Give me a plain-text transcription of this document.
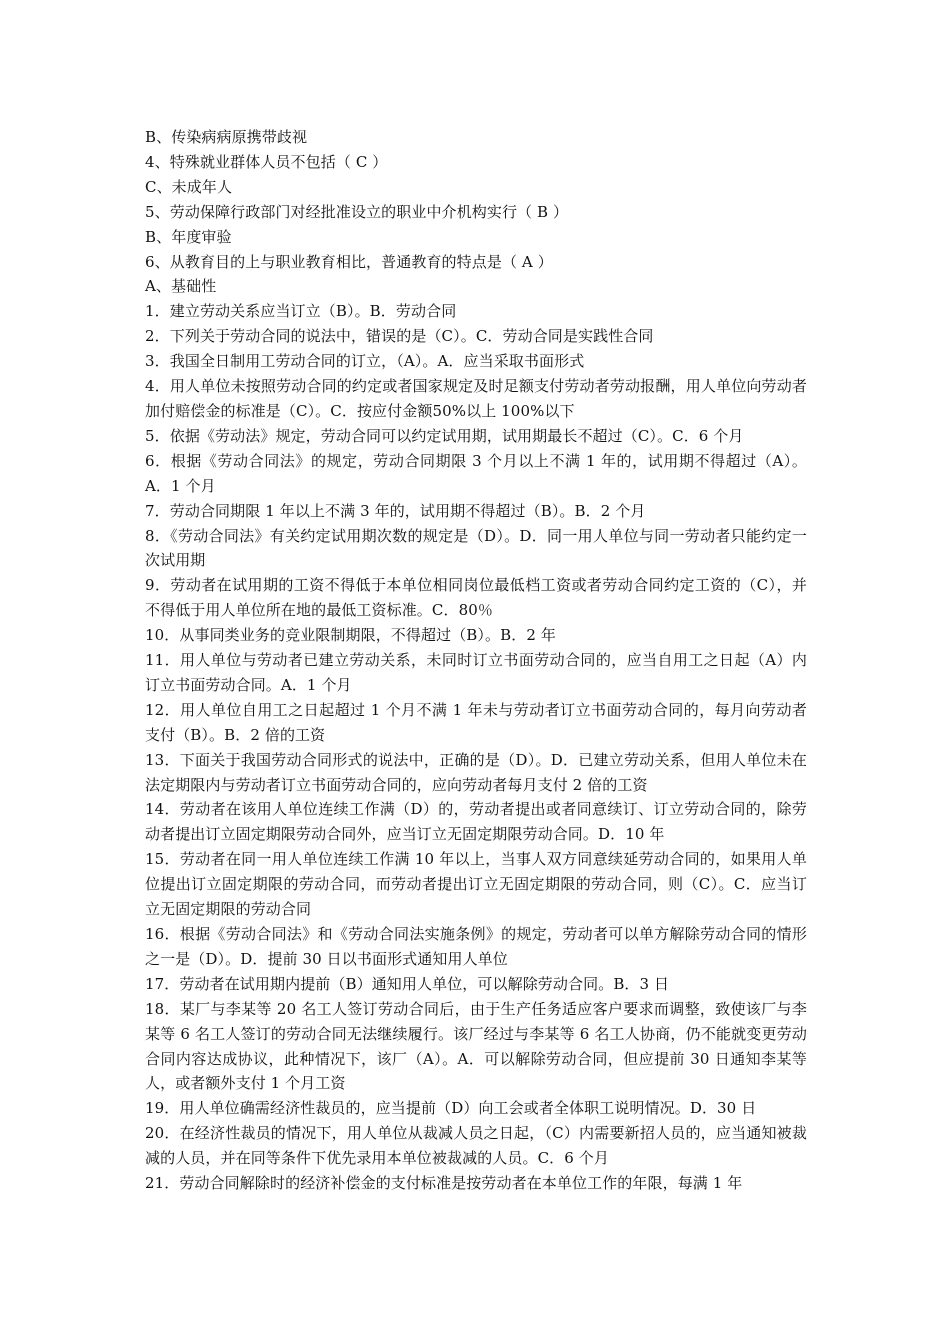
B、传染病病原携带歧视

4、特殊就业群体人员不包括（ C ）

C、未成年人

5、劳动保障行政部门对经批准设立的职业中介机构实行（ B ）

B、年度审验

6、从教育目的上与职业教育相比，普通教育的特点是（ A ）

A、基础性

1．建立劳动关系应当订立（B）。B．劳动合同

2．下列关于劳动合同的说法中，错误的是（C）。C．劳动合同是实践性合同

3．我国全日制用工劳动合同的订立，（A）。A．应当采取书面形式

4．用人单位未按照劳动合同的约定或者国家规定及时足额支付劳动者劳动报酬，用人单位向劳动者加付赔偿金的标准是（C）。C．按应付金额50%以上 100%以下

5．依据《劳动法》规定，劳动合同可以约定试用期，试用期最长不超过（C）。C．6 个月

6．根据《劳动合同法》的规定，劳动合同期限 3 个月以上不满 1 年的，试用期不得超过（A）。A．1 个月

7．劳动合同期限 1 年以上不满 3 年的，试用期不得超过（B）。B．2 个月

8．《劳动合同法》有关约定试用期次数的规定是（D）。D．同一用人单位与同一劳动者只能约定一次试用期

9．劳动者在试用期的工资不得低于本单位相同岗位最低档工资或者劳动合同约定工资的（C），并不得低于用人单位所在地的最低工资标准。C．80％

10．从事同类业务的竞业限制期限，不得超过（B）。B．2 年

11．用人单位与劳动者已建立劳动关系，未同时订立书面劳动合同的，应当自用工之日起（A）内订立书面劳动合同。A．1 个月

12．用人单位自用工之日起超过 1 个月不满 1 年未与劳动者订立书面劳动合同的，每月向劳动者支付（B）。B．2 倍的工资

13．下面关于我国劳动合同形式的说法中，正确的是（D）。D．已建立劳动关系，但用人单位未在法定期限内与劳动者订立书面劳动合同的，应向劳动者每月支付 2 倍的工资

14．劳动者在该用人单位连续工作满（D）的，劳动者提出或者同意续订、订立劳动合同的，除劳动者提出订立固定期限劳动合同外，应当订立无固定期限劳动合同。D．10 年

15．劳动者在同一用人单位连续工作满 10 年以上，当事人双方同意续延劳动合同的，如果用人单位提出订立固定期限的劳动合同，而劳动者提出订立无固定期限的劳动合同，则（C）。C．应当订立无固定期限的劳动合同

16．根据《劳动合同法》和《劳动合同法实施条例》的规定，劳动者可以单方解除劳动合同的情形之一是（D）。D．提前 30 日以书面形式通知用人单位

17．劳动者在试用期内提前（B）通知用人单位，可以解除劳动合同。B．3 日

18．某厂与李某等 20 名工人签订劳动合同后，由于生产任务适应客户要求而调整，致使该厂与李某等 6 名工人签订的劳动合同无法继续履行。该厂经过与李某等 6 名工人协商，仍不能就变更劳动合同内容达成协议，此种情况下，该厂（A）。A．可以解除劳动合同，但应提前 30 日通知李某等人，或者额外支付 1 个月工资

19．用人单位确需经济性裁员的，应当提前（D）向工会或者全体职工说明情况。D．30 日

20．在经济性裁员的情况下，用人单位从裁减人员之日起，（C）内需要新招人员的，应当通知被裁减的人员，并在同等条件下优先录用本单位被裁减的人员。C．6 个月

21．劳动合同解除时的经济补偿金的支付标准是按劳动者在本单位工作的年限，每满 1 年
